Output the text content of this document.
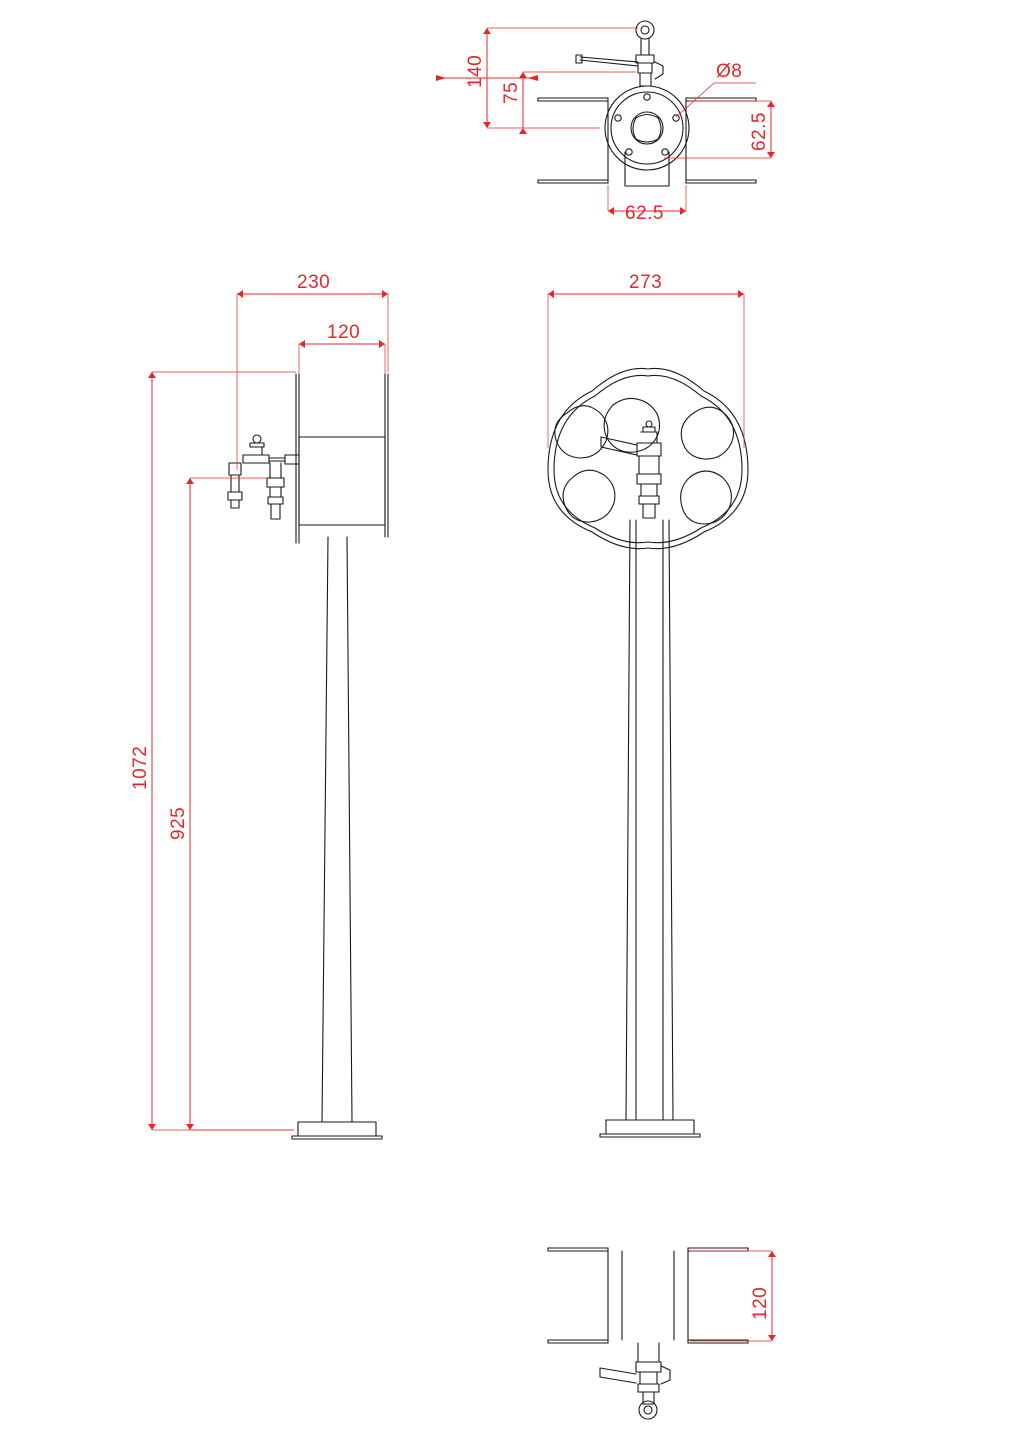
140
75
Ø8
62.5
62.5
230
120
1072
925
273
120
